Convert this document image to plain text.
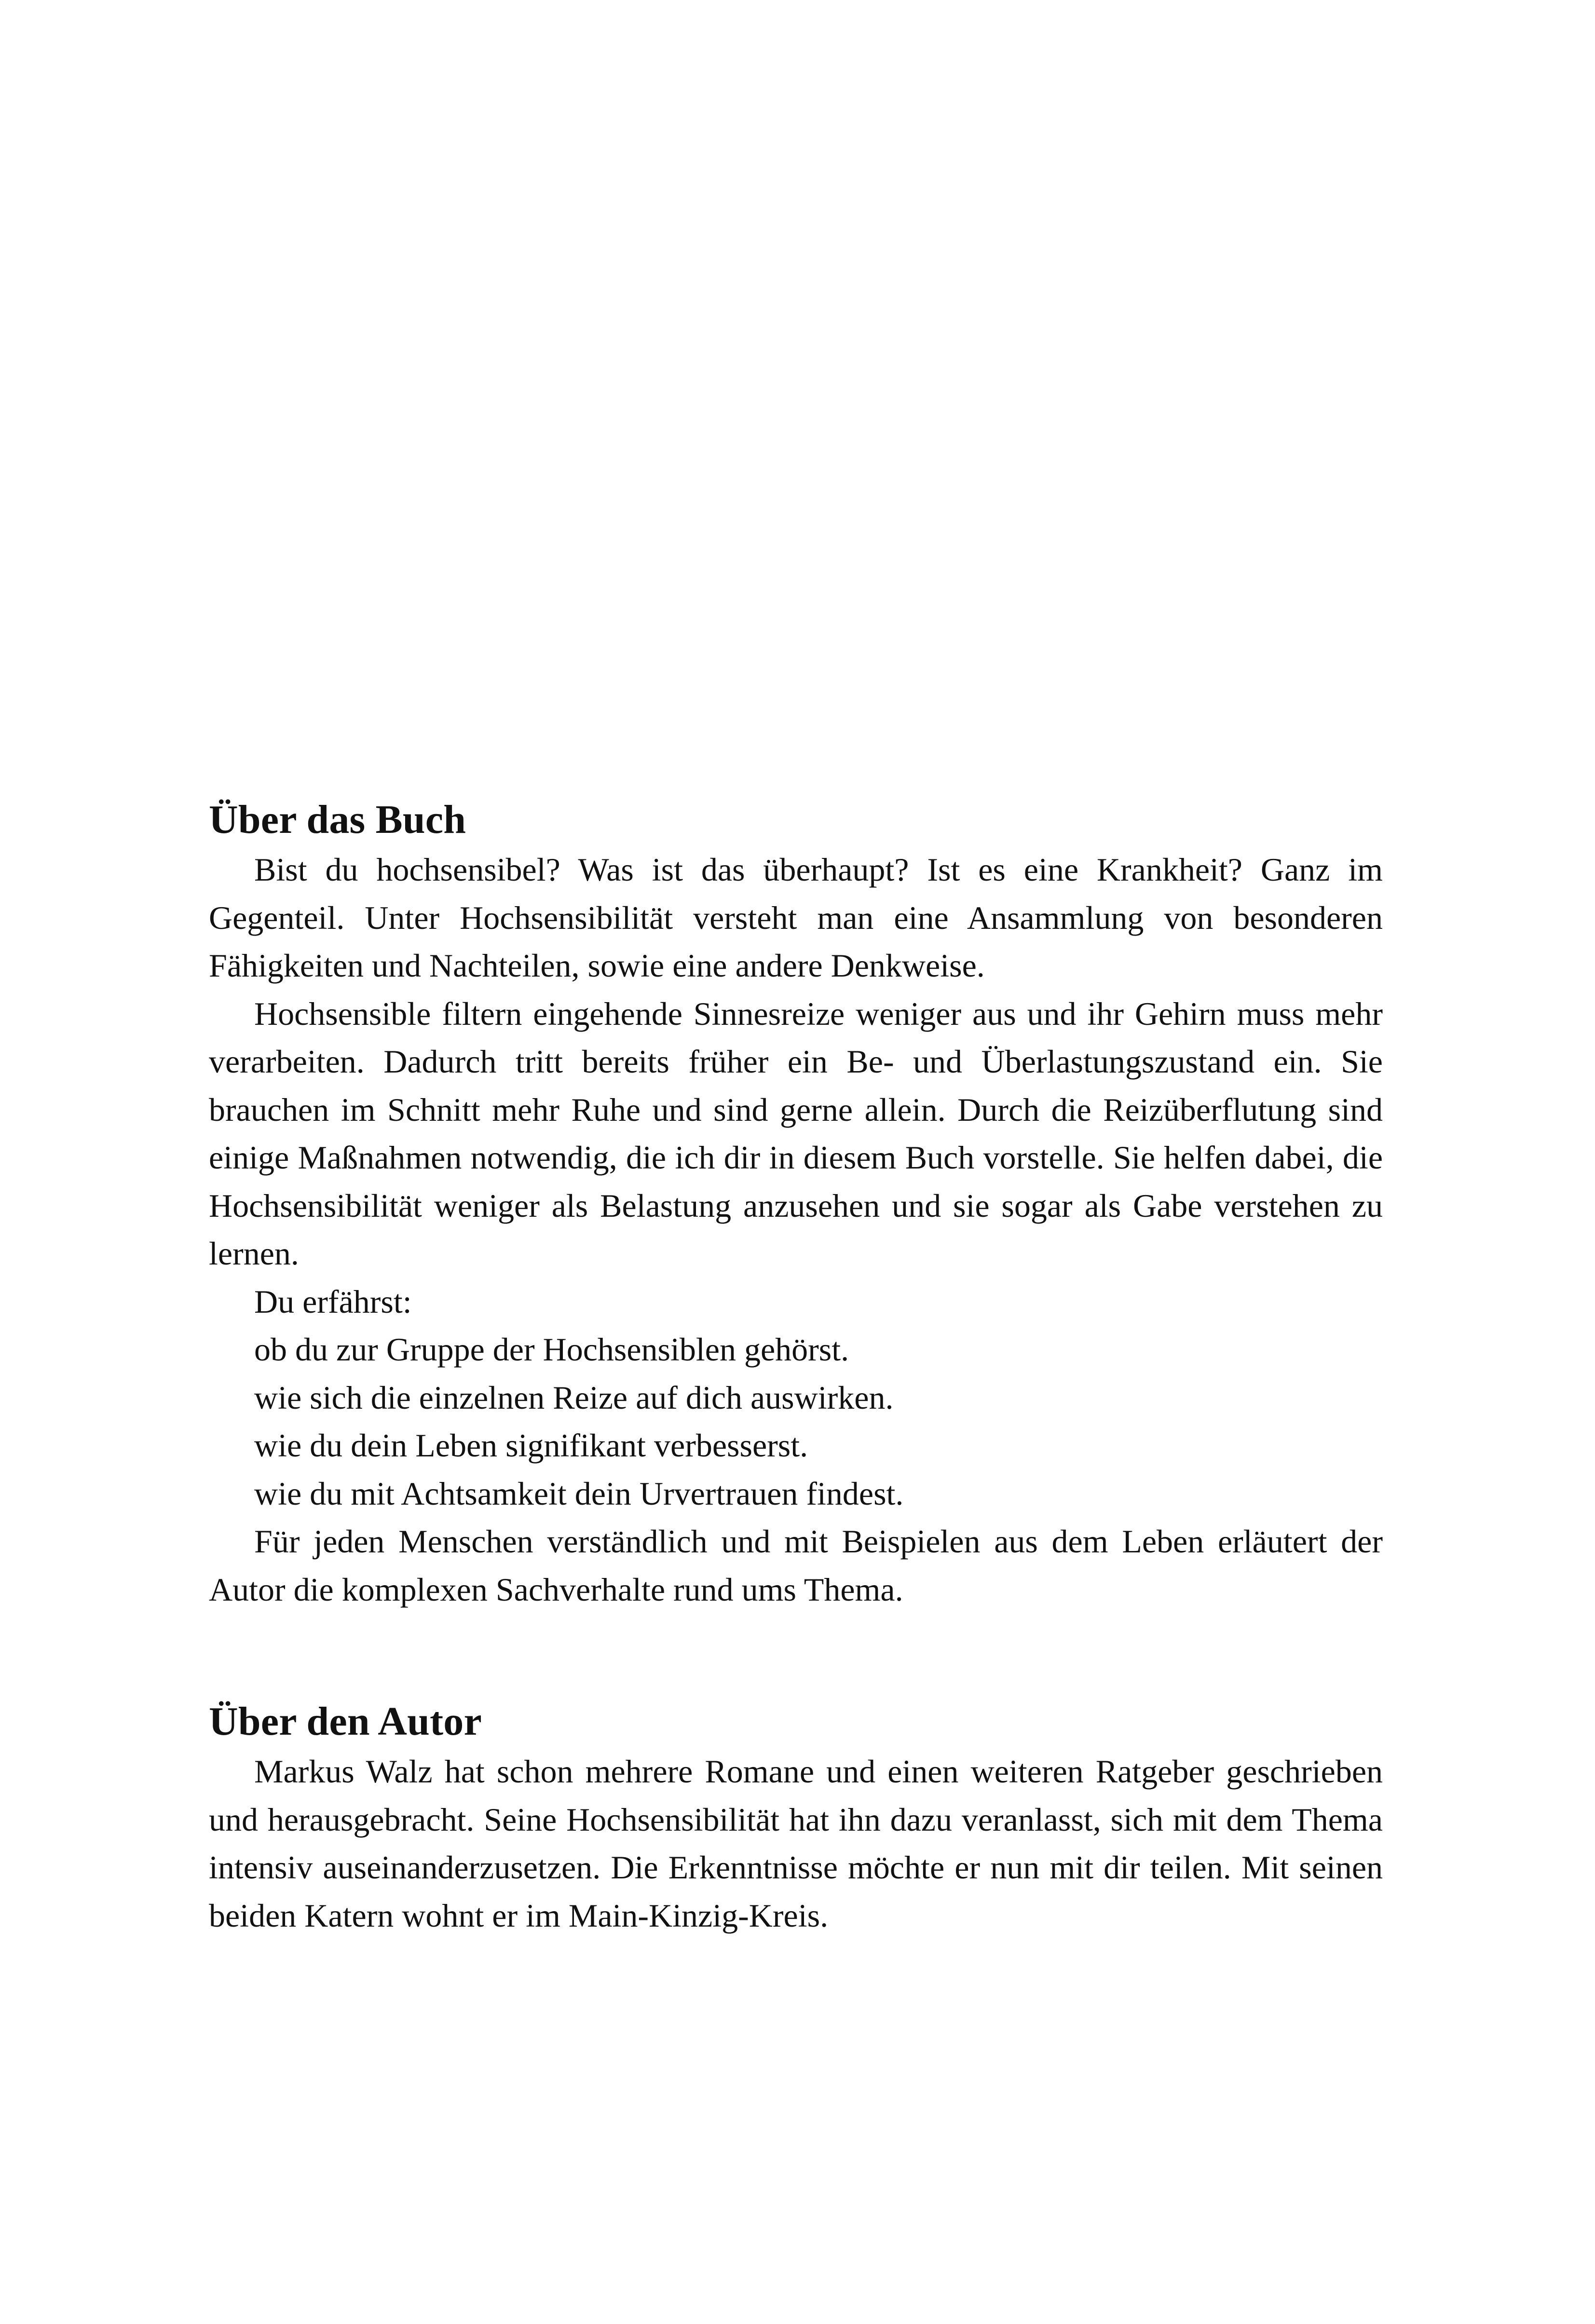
Über das Buch

Bist du hochsensibel? Was ist das überhaupt? Ist es eine Krankheit? Ganz im Gegenteil. Unter Hochsensibilität versteht man eine Ansammlung von besonderen Fähigkeiten und Nachteilen, sowie eine andere Denkweise.

Hochsensible filtern eingehende Sinnesreize weniger aus und ihr Gehirn muss mehr verarbeiten. Dadurch tritt bereits früher ein Be- und Überlastungszustand ein. Sie brauchen im Schnitt mehr Ruhe und sind gerne allein. Durch die Reizüberflutung sind einige Maßnahmen notwendig, die ich dir in diesem Buch vorstelle. Sie helfen dabei, die Hochsensibilität weniger als Belastung anzusehen und sie sogar als Gabe verstehen zu lernen.

Du erfährst:

ob du zur Gruppe der Hochsensiblen gehörst.

wie sich die einzelnen Reize auf dich auswirken.

wie du dein Leben signifikant verbesserst.

wie du mit Achtsamkeit dein Urvertrauen findest.

Für jeden Menschen verständlich und mit Beispielen aus dem Leben erläutert der Autor die komplexen Sachverhalte rund ums Thema.

Über den Autor

Markus Walz hat schon mehrere Romane und einen weiteren Ratgeber geschrieben und herausgebracht. Seine Hochsensibilität hat ihn dazu veranlasst, sich mit dem Thema intensiv auseinanderzusetzen. Die Erkenntnisse möchte er nun mit dir teilen. Mit seinen beiden Katern wohnt er im Main-Kinzig-Kreis.
